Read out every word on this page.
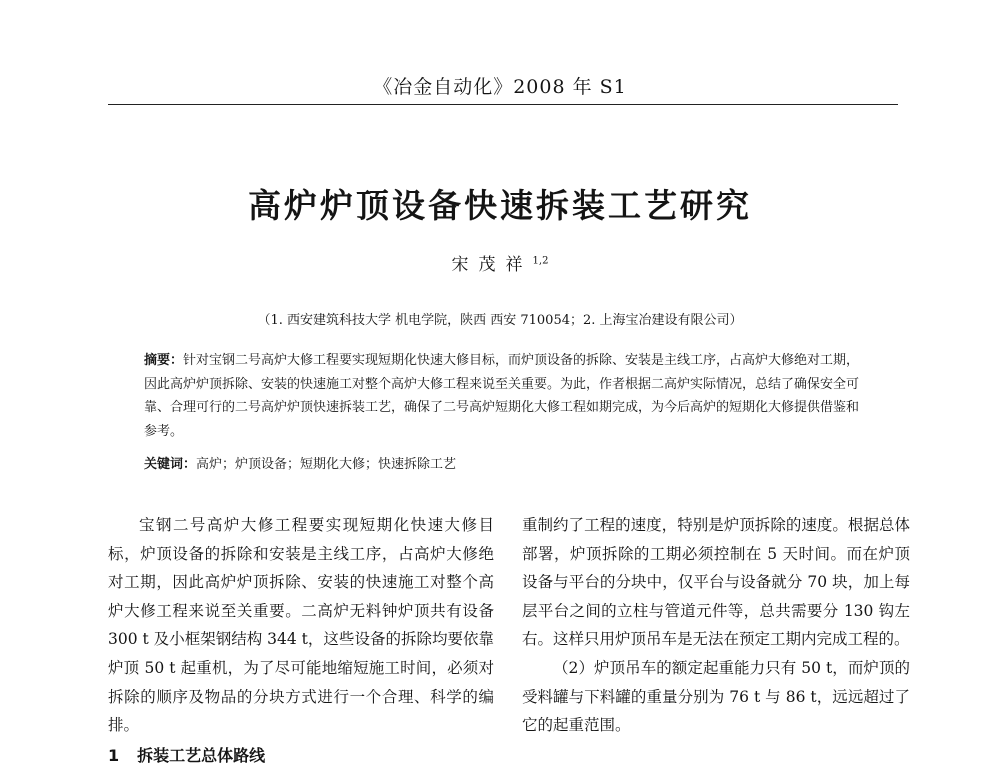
《冶金自动化》2008 年 S1
高炉炉顶设备快速拆装工艺研究
宋茂祥$^{1,2}$
（1. 西安建筑科技大学 机电学院，陕西 西安 710054；2. 上海宝冶建设有限公司）
摘要：针对宝钢二号高炉大修工程要实现短期化快速大修目标，而炉顶设备的拆除、安装是主线工序，占高炉大修绝对工期，因此高炉炉顶拆除、安装的快速施工对整个高炉大修工程来说至关重要。为此，作者根据二高炉实际情况，总结了确保安全可靠、合理可行的二号高炉炉顶快速拆装工艺，确保了二号高炉短期化大修工程如期完成，为今后高炉的短期化大修提供借鉴和参考。
关键词：高炉；炉顶设备；短期化大修；快速拆除工艺

宝钢二号高炉大修工程要实现短期化快速大修目标，炉顶设备的拆除和安装是主线工序，占高炉大修绝对工期，因此高炉炉顶拆除、安装的快速施工对整个高炉大修工程来说至关重要。二高炉无料钟炉顶共有设备 300 t 及小框架钢结构 344 t，这些设备的拆除均要依靠炉顶 50 t 起重机，为了尽可能地缩短施工时间，必须对拆除的顺序及物品的分块方式进行一个合理、科学的编排。

1 拆装工艺总体路线

重制约了工程的速度，特别是炉顶拆除的速度。根据总体部署，炉顶拆除的工期必须控制在 5 天时间。而在炉顶设备与平台的分块中，仅平台与设备就分 70 块，加上每层平台之间的立柱与管道元件等，总共需要分 130 钩左右。这样只用炉顶吊车是无法在预定工期内完成工程的。

（2）炉顶吊车的额定起重能力只有 50 t，而炉顶的受料罐与下料罐的重量分别为 76 t 与 86 t，远远超过了它的起重范围。
